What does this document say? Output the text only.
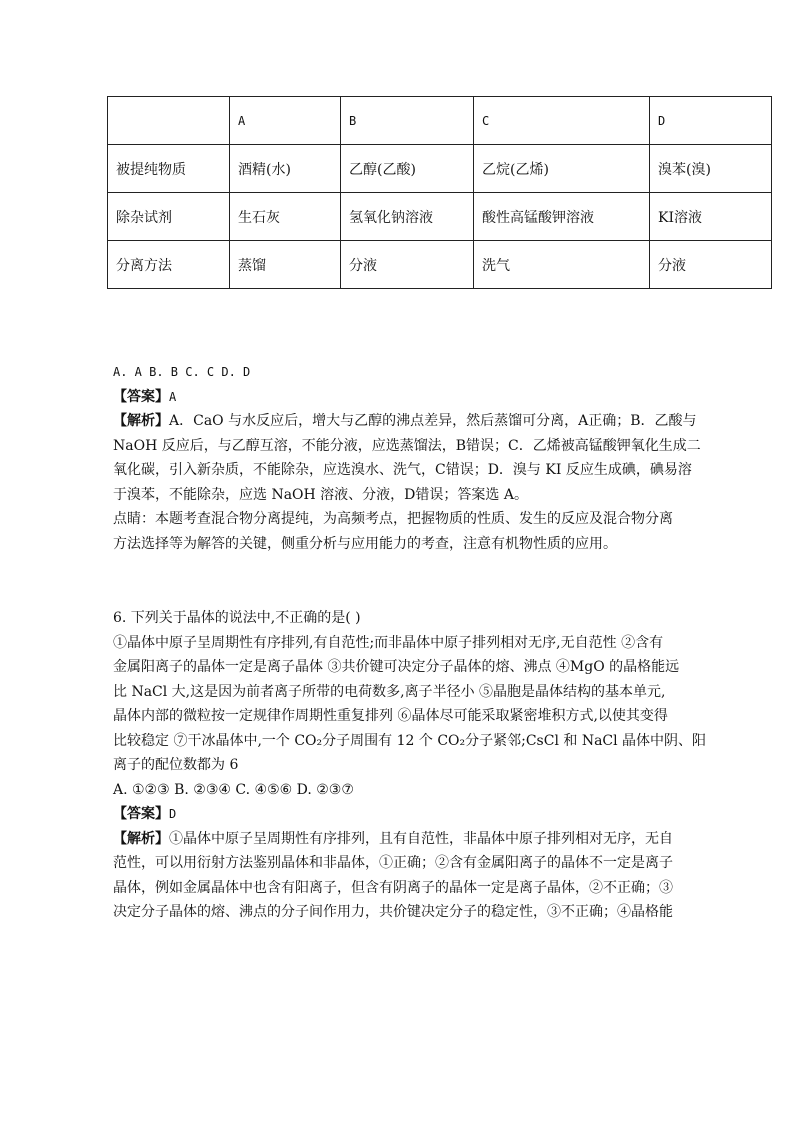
	A	B	C	D
被提纯物质	酒精(水)	乙醇(乙酸)	乙烷(乙烯)	溴苯(溴)
除杂试剂	生石灰	氢氧化钠溶液	酸性高锰酸钾溶液	KI溶液
分离方法	蒸馏	分液	洗气	分液
A. A B. B C. C D. D
【答案】A
【解析】A．CaO 与水反应后，增大与乙醇的沸点差异，然后蒸馏可分离，A正确；B．乙酸与
NaOH 反应后，与乙醇互溶，不能分液，应选蒸馏法，B错误；C．乙烯被高锰酸钾氧化生成二
氧化碳，引入新杂质，不能除杂，应选溴水、洗气，C错误；D．溴与 KI 反应生成碘，碘易溶
于溴苯，不能除杂，应选 NaOH 溶液、分液，D错误；答案选 A。
点睛：本题考查混合物分离提纯，为高频考点，把握物质的性质、发生的反应及混合物分离
方法选择等为解答的关键，侧重分析与应用能力的考查，注意有机物性质的应用。
6. 下列关于晶体的说法中,不正确的是( )
①晶体中原子呈周期性有序排列,有自范性;而非晶体中原子排列相对无序,无自范性 ②含有
金属阳离子的晶体一定是离子晶体 ③共价键可决定分子晶体的熔、沸点 ④MgO 的晶格能远
比 NaCl 大,这是因为前者离子所带的电荷数多,离子半径小 ⑤晶胞是晶体结构的基本单元,
晶体内部的微粒按一定规律作周期性重复排列 ⑥晶体尽可能采取紧密堆积方式,以使其变得
比较稳定 ⑦干冰晶体中,一个 CO₂分子周围有 12 个 CO₂分子紧邻;CsCl 和 NaCl 晶体中阴、阳
离子的配位数都为 6
A. ①②③ B. ②③④ C. ④⑤⑥ D. ②③⑦
【答案】D
【解析】①晶体中原子呈周期性有序排列，且有自范性，非晶体中原子排列相对无序，无自
范性，可以用衍射方法鉴别晶体和非晶体，①正确；②含有金属阳离子的晶体不一定是离子
晶体，例如金属晶体中也含有阳离子，但含有阴离子的晶体一定是离子晶体，②不正确；③
决定分子晶体的熔、沸点的分子间作用力，共价键决定分子的稳定性，③不正确；④晶格能
